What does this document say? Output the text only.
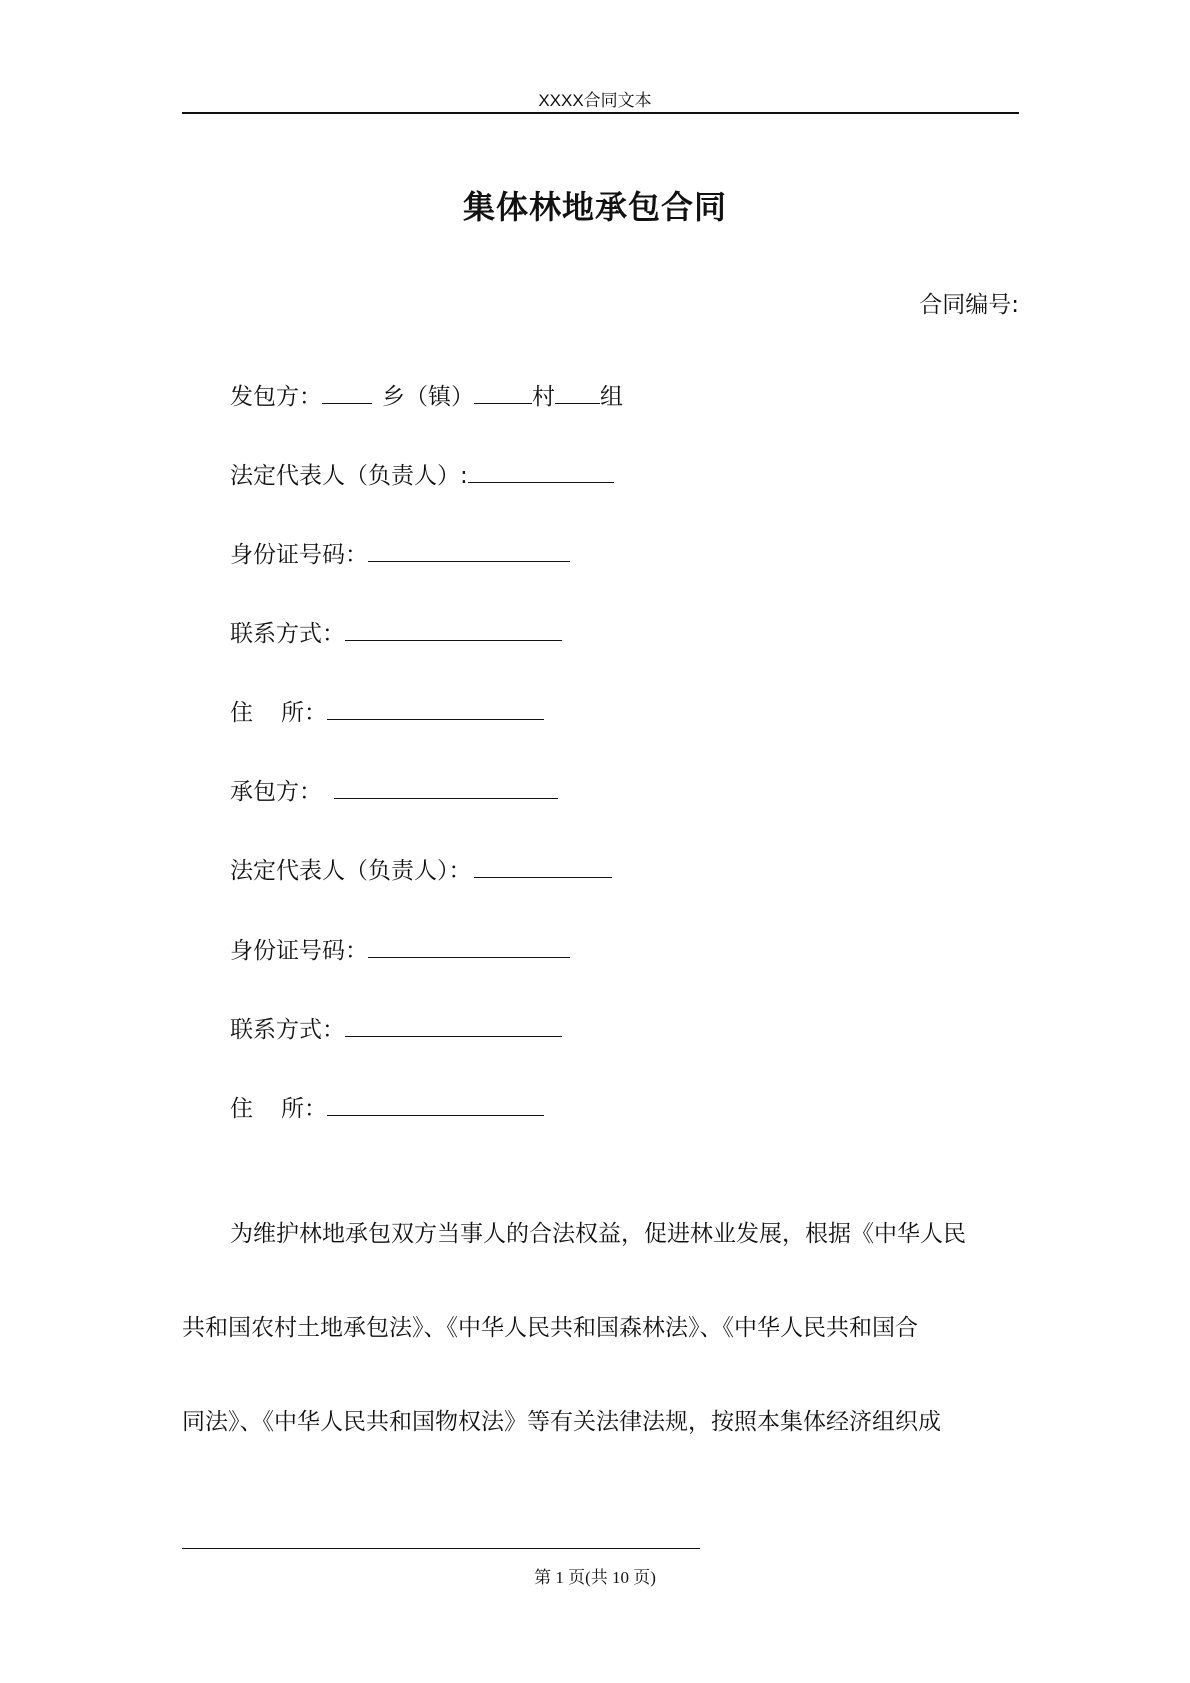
XXXX合同文本
集体林地承包合同
合同编号:
发包方：	乡（镇）	村 组
法定代表人（负责人）:
身份证号码：
联系方式：
住 所：
承包方：
法定代表人（负责人）：
身份证号码：
联系方式：
住 所：
为维护林地承包双方当事人的合法权益，促进林业发展，根据《中华人民
共和国农村土地承包法》、《中华人民共和国森林法》、《中华人民共和国合
同法》、《中华人民共和国物权法》等有关法律法规，按照本集体经济组织成
第 1 页(共 10 页)
